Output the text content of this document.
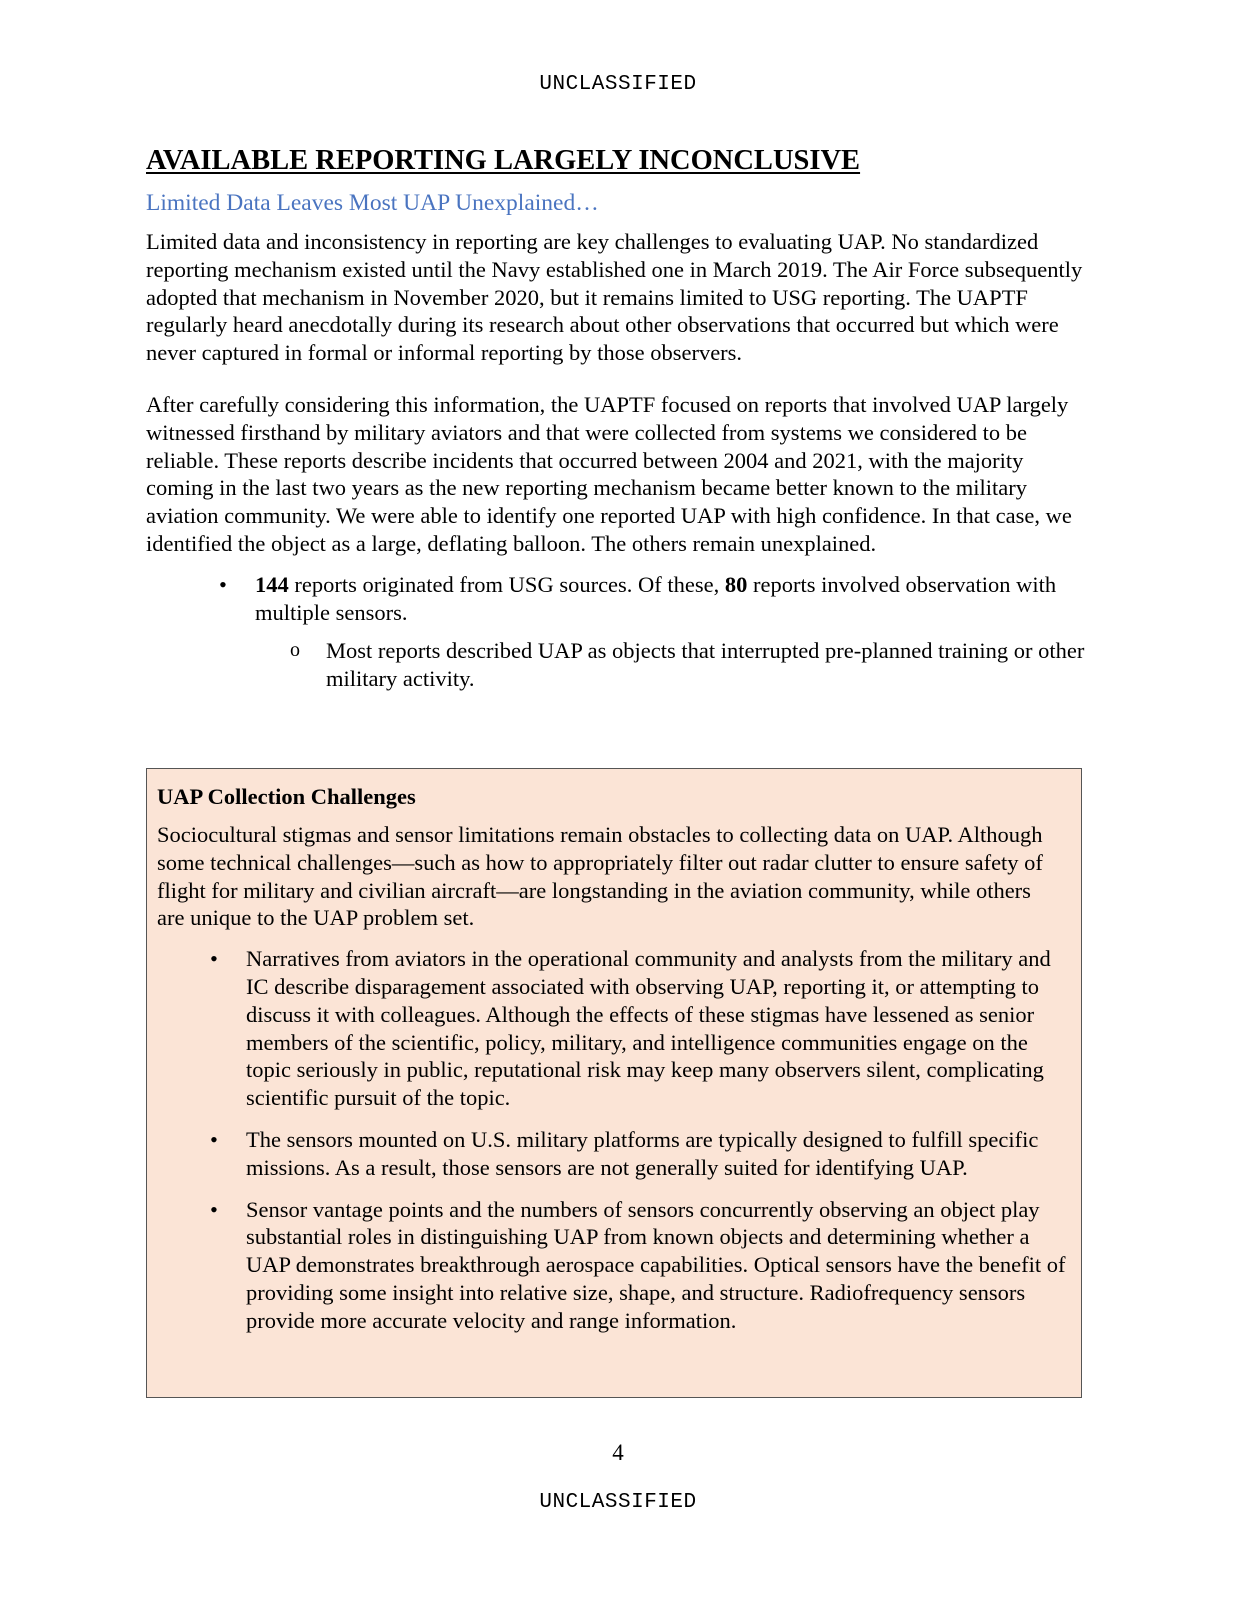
UNCLASSIFIED
AVAILABLE REPORTING LARGELY INCONCLUSIVE
Limited Data Leaves Most UAP Unexplained…

Limited data and inconsistency in reporting are key challenges to evaluating UAP. No standardized reporting mechanism existed until the Navy established one in March 2019. The Air Force subsequently adopted that mechanism in November 2020, but it remains limited to USG reporting. The UAPTF regularly heard anecdotally during its research about other observations that occurred but which were never captured in formal or informal reporting by those observers.

After carefully considering this information, the UAPTF focused on reports that involved UAP largely witnessed firsthand by military aviators and that were collected from systems we considered to be reliable. These reports describe incidents that occurred between 2004 and 2021, with the majority coming in the last two years as the new reporting mechanism became better known to the military aviation community. We were able to identify one reported UAP with high confidence. In that case, we identified the object as a large, deflating balloon. The others remain unexplained.

• 144 reports originated from USG sources. Of these, 80 reports involved observation with multiple sensors.
o Most reports described UAP as objects that interrupted pre-planned training or other military activity.
UAP Collection Challenges

Sociocultural stigmas and sensor limitations remain obstacles to collecting data on UAP. Although some technical challenges—such as how to appropriately filter out radar clutter to ensure safety of flight for military and civilian aircraft—are longstanding in the aviation community, while others are unique to the UAP problem set.

• Narratives from aviators in the operational community and analysts from the military and IC describe disparagement associated with observing UAP, reporting it, or attempting to discuss it with colleagues. Although the effects of these stigmas have lessened as senior members of the scientific, policy, military, and intelligence communities engage on the topic seriously in public, reputational risk may keep many observers silent, complicating scientific pursuit of the topic.
• The sensors mounted on U.S. military platforms are typically designed to fulfill specific missions. As a result, those sensors are not generally suited for identifying UAP.
• Sensor vantage points and the numbers of sensors concurrently observing an object play substantial roles in distinguishing UAP from known objects and determining whether a UAP demonstrates breakthrough aerospace capabilities. Optical sensors have the benefit of providing some insight into relative size, shape, and structure. Radiofrequency sensors provide more accurate velocity and range information.
4
UNCLASSIFIED
